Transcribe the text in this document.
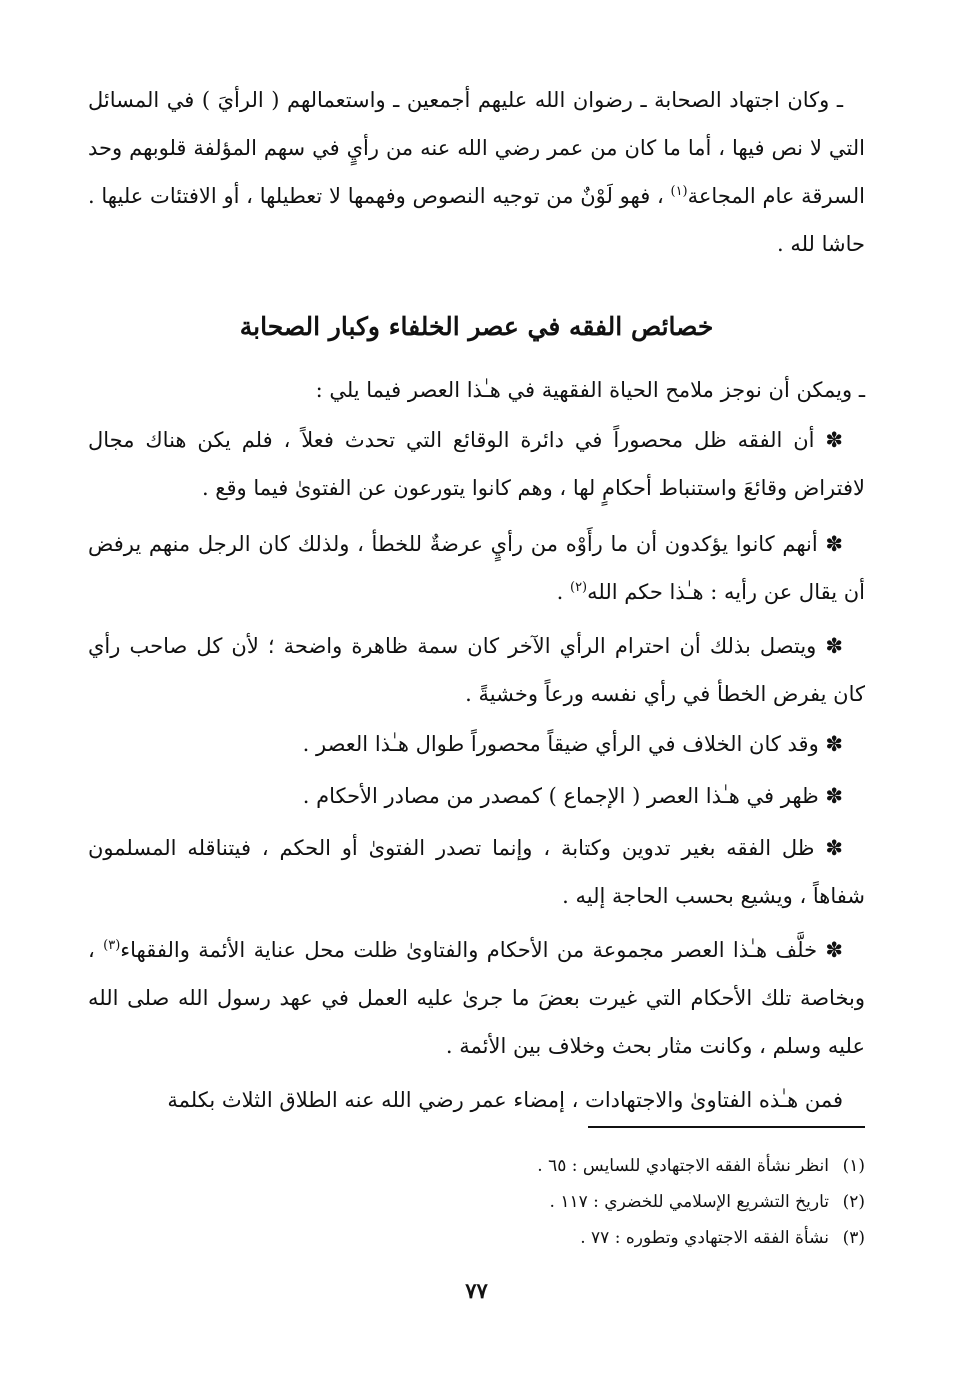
ـ وكان اجتهاد الصحابة ـ رضوان الله عليهم أجمعين ـ واستعمالهم ( الرأيَ ) في المسائل التي لا نص فيها ، أما ما كان من عمر رضي الله عنه من رأيٍ في سهم المؤلفة قلوبهم وحد السرقة عام المجاعة$^{(١)}$ ، فهو لَوْنٌ من توجيه النصوص وفهمها لا تعطيلها ، أو الافتئات عليها . حاشا لله .

خصائص الفقه في عصر الخلفاء وكبار الصحابة

ـ ويمكن أن نوجز ملامح الحياة الفقهية في هـٰذا العصر فيما يلي :

✽ أن الفقه ظل محصوراً في دائرة الوقائع التي تحدث فعلاً ، فلم يكن هناك مجال لافتراض وقائعَ واستنباط أحكامٍ لها ، وهم كانوا يتورعون عن الفتوىٰ فيما وقع .

✽ أنهم كانوا يؤكدون أن ما رأَوْه من رأيٍ عرضةٌ للخطأ ، ولذلك كان الرجل منهم يرفض أن يقال عن رأيه : هـٰذا حكم الله$^{(٢)}$ .

✽ ويتصل بذلك أن احترام الرأي الآخر كان سمة ظاهرة واضحة ؛ لأن كل صاحب رأي كان يفرض الخطأ في رأي نفسه ورعاً وخشيةً .

✽ وقد كان الخلاف في الرأي ضيقاً محصوراً طوال هـٰذا العصر .

✽ ظهر في هـٰذا العصر ( الإجماع ) كمصدر من مصادر الأحكام .

✽ ظل الفقه بغير تدوين وكتابة ، وإنما تصدر الفتوىٰ أو الحكم ، فيتناقله المسلمون شفاهاً ، ويشيع بحسب الحاجة إليه .

✽ خلَّف هـٰذا العصر مجموعة من الأحكام والفتاوىٰ ظلت محل عناية الأئمة والفقهاء$^{(٣)}$ ، وبخاصة تلك الأحكام التي غيرت بعضَ ما جرىٰ عليه العمل في عهد رسول الله صلى الله عليه وسلم ، وكانت مثار بحث وخلاف بين الأئمة .

فمن هـٰذه الفتاوىٰ والاجتهادات ، إمضاء عمر رضي الله عنه الطلاق الثلاث بكلمة

(١)انظر نشأة الفقه الاجتهادي للسايس : ٦٥ .
(٢)تاريخ التشريع الإسلامي للخضري : ١١٧ .
(٣)نشأة الفقه الاجتهادي وتطوره : ٧٧ .
٧٧
